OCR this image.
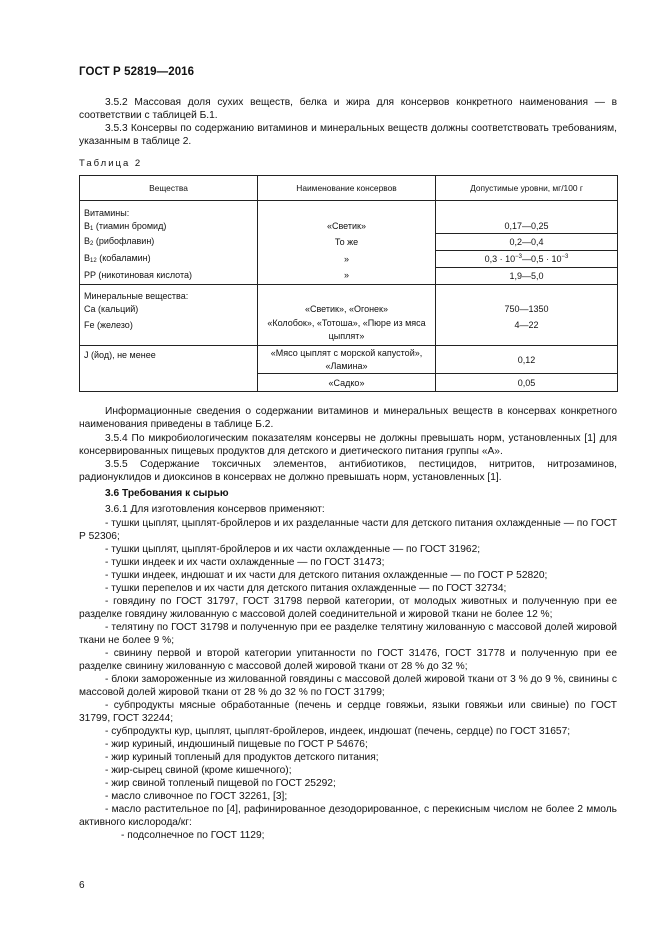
ГОСТ Р 52819—2016
3.5.2 Массовая доля сухих веществ, белка и жира для консервов конкретного наименования — в соответствии с таблицей Б.1.
3.5.3 Консервы по содержанию витаминов и минеральных веществ должны соответствовать требованиям, указанным в таблице 2.
Таблица 2
Вещества	Наименование консервов	Допустимые уровни, мг/100 г

Витамины:
$B_1$ (тиамин бромид)	«Светик»	0,17—0,25
$B_2$ (рибофлавин)	То же	0,2—0,4
$B_{12}$ (кобаламин)	»	$0,3 \cdot 10^{-3}—0,5 \cdot 10^{-3}$
PP (никотиновая кислота)	»	1,9—5,0

Минеральные вещества:
Ca (кальций)	«Светик», «Огонек»	750—1350
Fe (железо)	«Колобок», «Тотоша», «Пюре из мяса цыплят»	4—22
J (йод), не менее	«Мясо цыплят с морской капустой», «Ламина»	0,12
	«Садко»	0,05
Информационные сведения о содержании витаминов и минеральных веществ в консервах конкретного наименования приведены в таблице Б.2.
3.5.4 По микробиологическим показателям консервы не должны превышать норм, установленных [1] для консервированных пищевых продуктов для детского и диетического питания группы «А».
3.5.5 Содержание токсичных элементов, антибиотиков, пестицидов, нитритов, нитрозаминов, радионуклидов и диоксинов в консервах не должно превышать норм, установленных [1].
3.6 Требования к сырью
3.6.1 Для изготовления консервов применяют:
- тушки цыплят, цыплят-бройлеров и их разделанные части для детского питания охлажденные — по ГОСТ Р 52306;
- тушки цыплят, цыплят-бройлеров и их части охлажденные — по ГОСТ 31962;
- тушки индеек и их части охлажденные — по ГОСТ 31473;
- тушки индеек, индюшат и их части для детского питания охлажденные — по ГОСТ Р 52820;
- тушки перепелов и их части для детского питания охлажденные — по ГОСТ 32734;
- говядину по ГОСТ 31797, ГОСТ 31798 первой категории, от молодых животных и полученную при ее разделке говядину жилованную с массовой долей соединительной и жировой ткани не более 12 %;
- телятину по ГОСТ 31798 и полученную при ее разделке телятину жилованную с массовой долей жировой ткани не более 9 %;
- свинину первой и второй категории упитанности по ГОСТ 31476, ГОСТ 31778 и полученную при ее разделке свинину жилованную с массовой долей жировой ткани от 28 % до 32 %;
- блоки замороженные из жилованной говядины с массовой долей жировой ткани от 3 % до 9 %, свинины с массовой долей жировой ткани от 28 % до 32 % по ГОСТ 31799;
- субпродукты мясные обработанные (печень и сердце говяжьи, языки говяжьи или свиные) по ГОСТ 31799, ГОСТ 32244;
- субпродукты кур, цыплят, цыплят-бройлеров, индеек, индюшат (печень, сердце) по ГОСТ 31657;
- жир куриный, индюшиный пищевые по ГОСТ Р 54676;
- жир куриный топленый для продуктов детского питания;
- жир-сырец свиной (кроме кишечного);
- жир свиной топленый пищевой по ГОСТ 25292;
- масло сливочное по ГОСТ 32261, [3];
- масло растительное по [4], рафинированное дезодорированное, с перекисным числом не более 2 ммоль активного кислорода/кг:
- подсолнечное по ГОСТ 1129;
6
